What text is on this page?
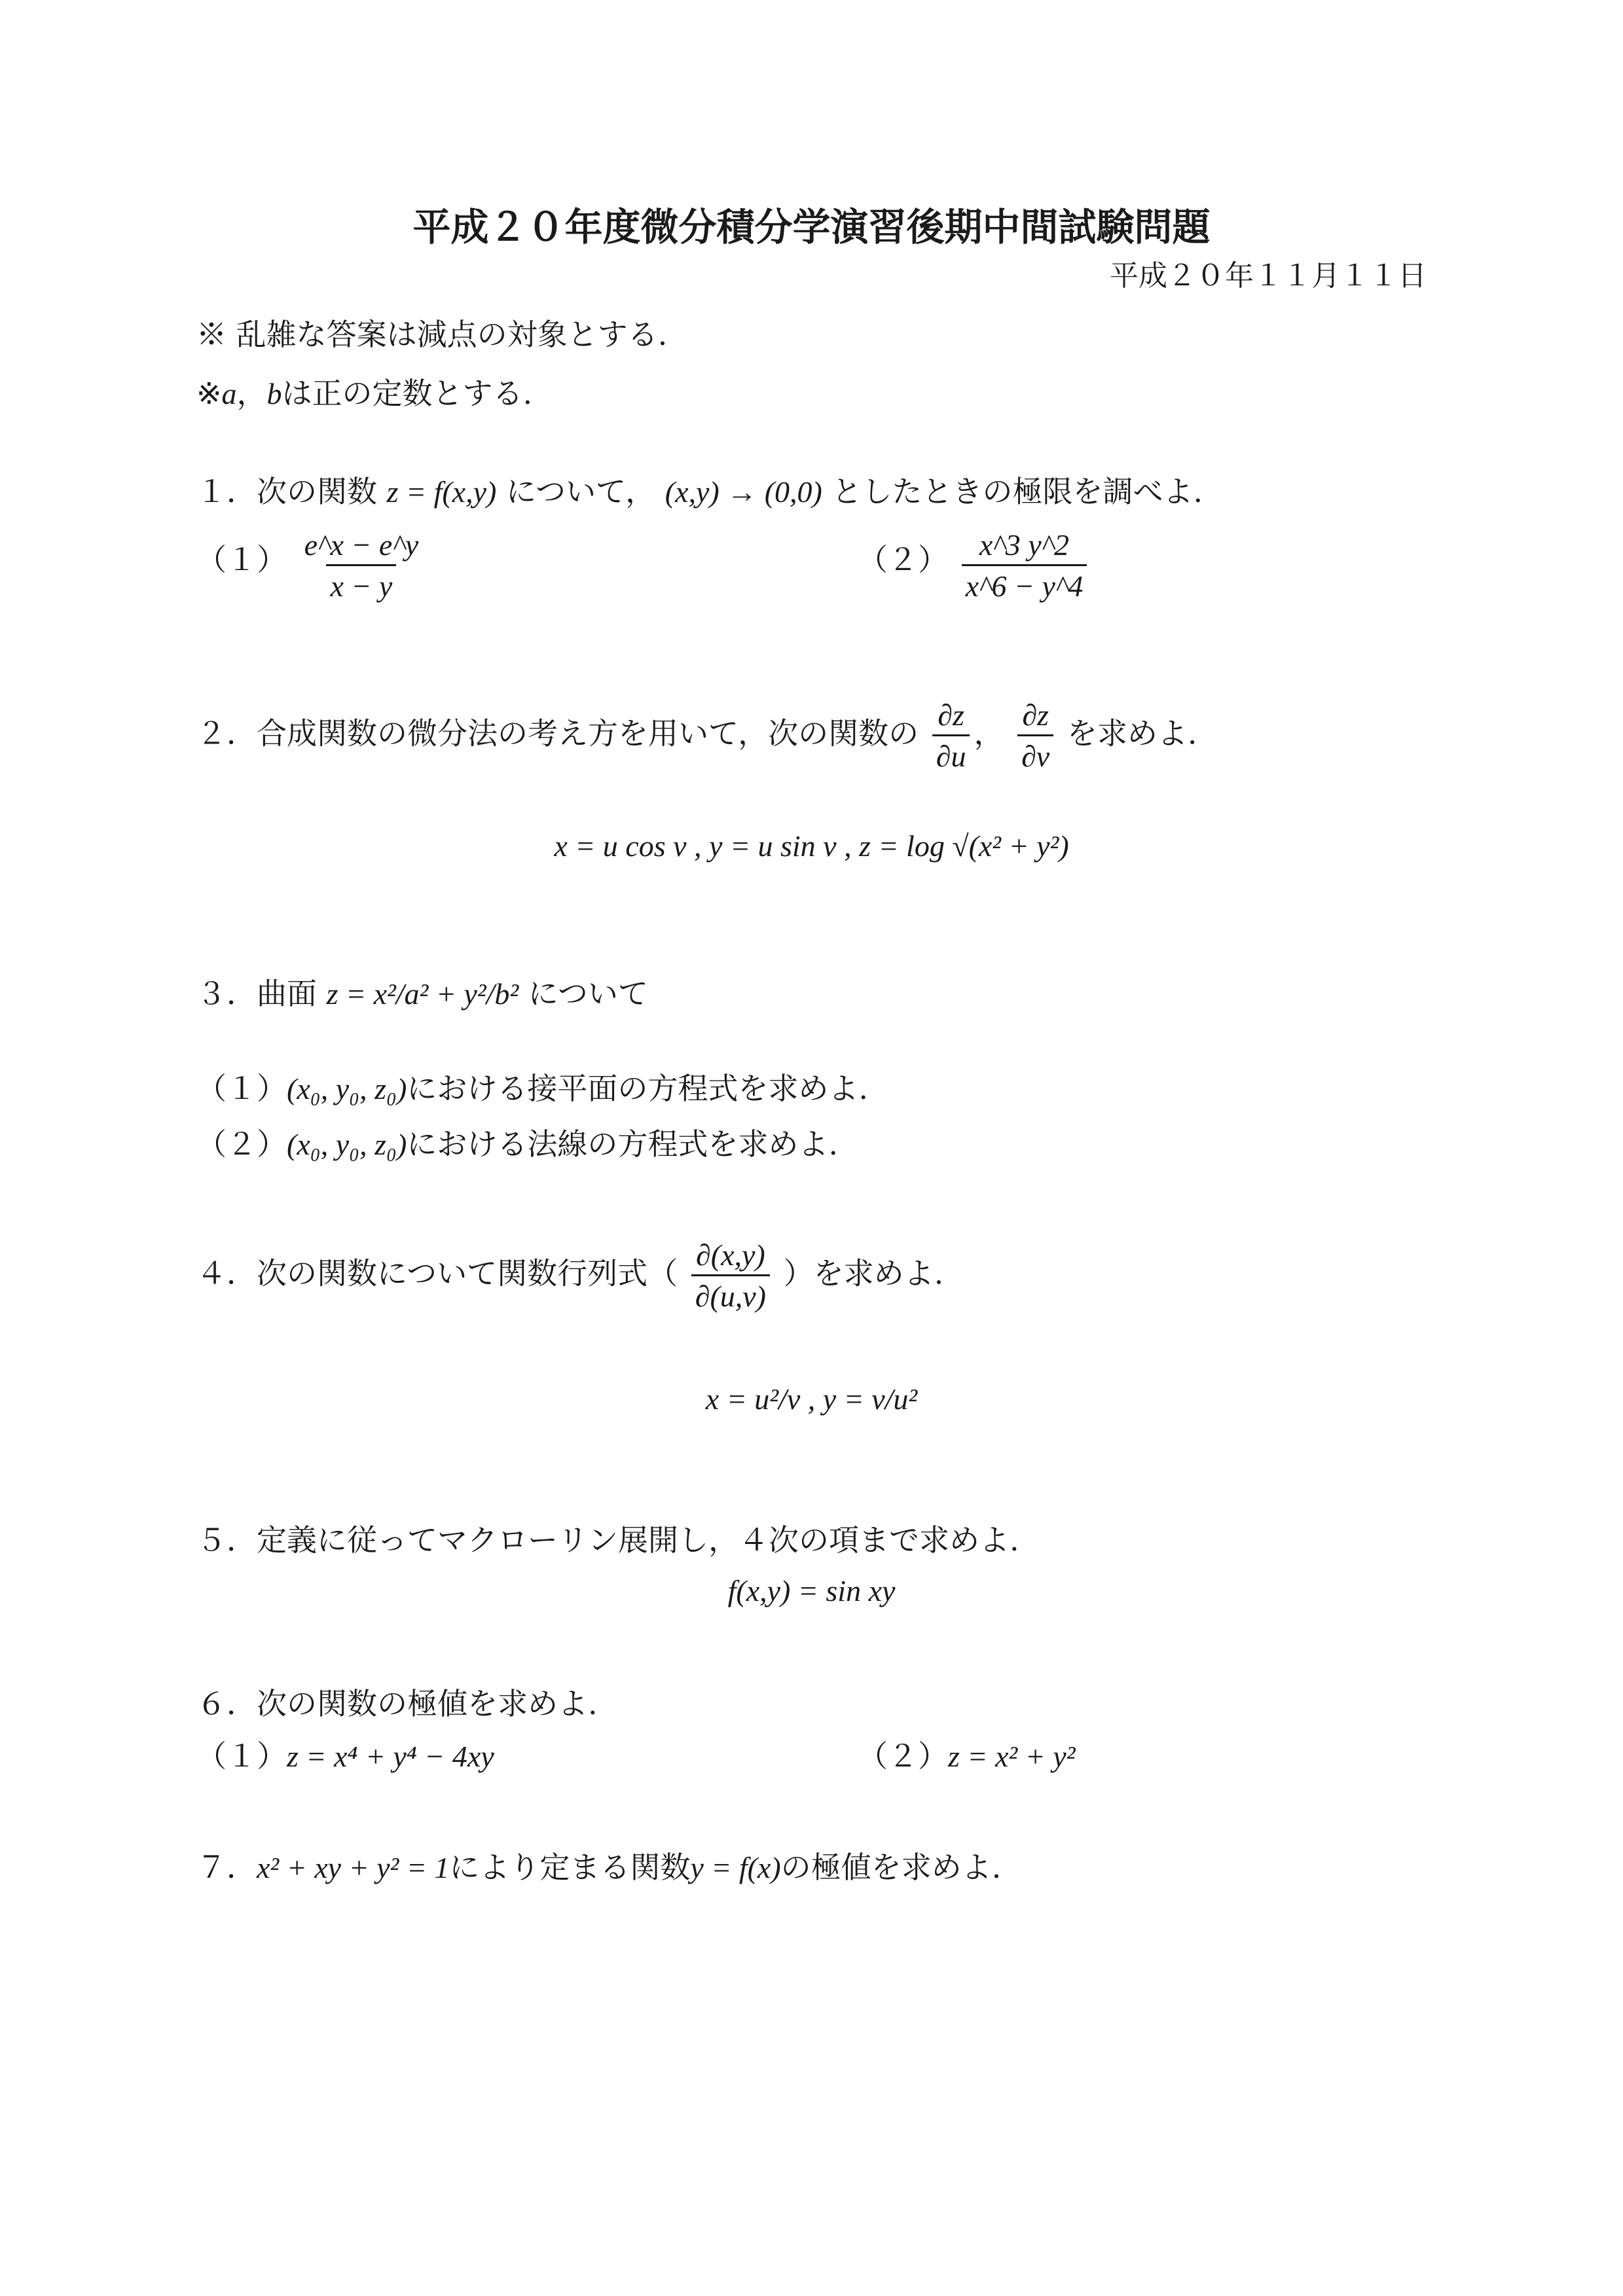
平成２０年度微分積分学演習後期中間試験問題
平成２０年１１月１１日
※ 乱雑な答案は減点の対象とする.
※a，bは正の定数とする.
１．次の関数 z = f(x,y) について， (x,y) → (0,0) としたときの極限を調べよ.
$(1) \frac{e\^{}x - e\^{}y}{x - y}$	$(2) \frac{x\^{}3 y\^{}2}{x\^{}6 - y\^{}4}$
２．合成関数の微分法の考え方を用いて，次の関数の $\frac{\partial z}{\partial u}$ ， $\frac{\partial z}{\partial v}$ を求めよ.
x = u cos v , y = u sin v , z = log √(x² + y²)
３．曲面 z = x²/a² + y²/b² について
（１）(x₀, y₀, z₀)における接平面の方程式を求めよ.
（２）(x₀, y₀, z₀)における法線の方程式を求めよ.
４．次の関数について関数行列式（ $\frac{\partial(x,y)}{\partial(u,v)}$ ）を求めよ.
x = u²/v , y = v/u²
５．定義に従ってマクローリン展開し，４次の項まで求めよ.
f(x,y) = sin xy
６．次の関数の極値を求めよ.
（１）z = x⁴ + y⁴ − 4xy	（２）z = x² + y²
７．x² + xy + y² = 1により定まる関数y = f(x)の極値を求めよ.
